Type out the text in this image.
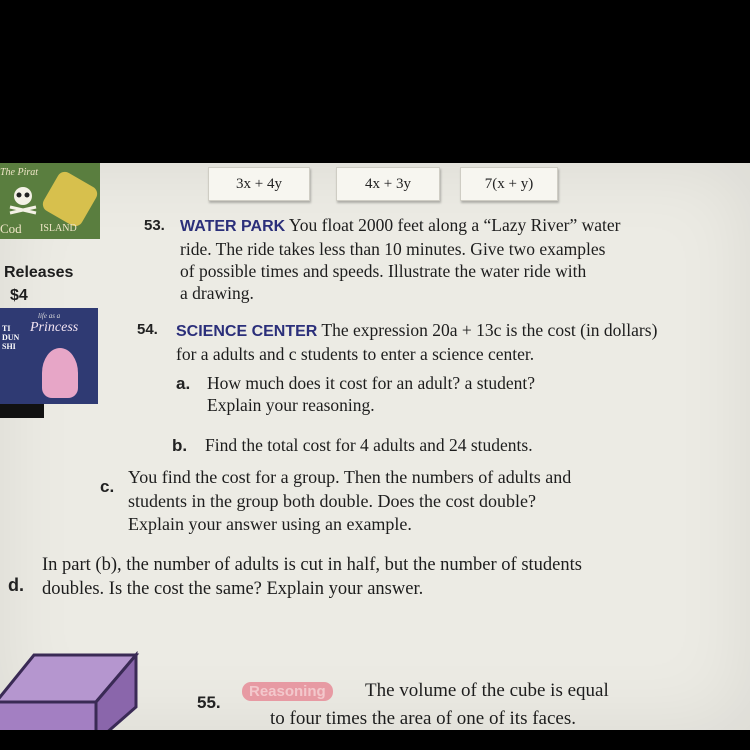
3x + 4y	4x + 3y	7(x + y)
The Pirat
Cod ISLAND
Releases
$4
life as a
Princess
TI DUN SHI
53. WATER PARK You float 2000 feet along a “Lazy River” water
ride. The ride takes less than 10 minutes. Give two examples
of possible times and speeds. Illustrate the water ride with
a drawing.
54. SCIENCE CENTER The expression 20a + 13c is the cost (in dollars)
for a adults and c students to enter a science center.
a. How much does it cost for an adult? a student?
Explain your reasoning.
b. Find the total cost for 4 adults and 24 students.
c. You find the cost for a group. Then the numbers of adults and
students in the group both double. Does the cost double?
Explain your answer using an example.
d.
In part (b), the number of adults is cut in half, but the number of students
doubles. Is the cost the same? Explain your answer.
55.
Reasoning	The volume of the cube is equal
to four times the area of one of its faces.
